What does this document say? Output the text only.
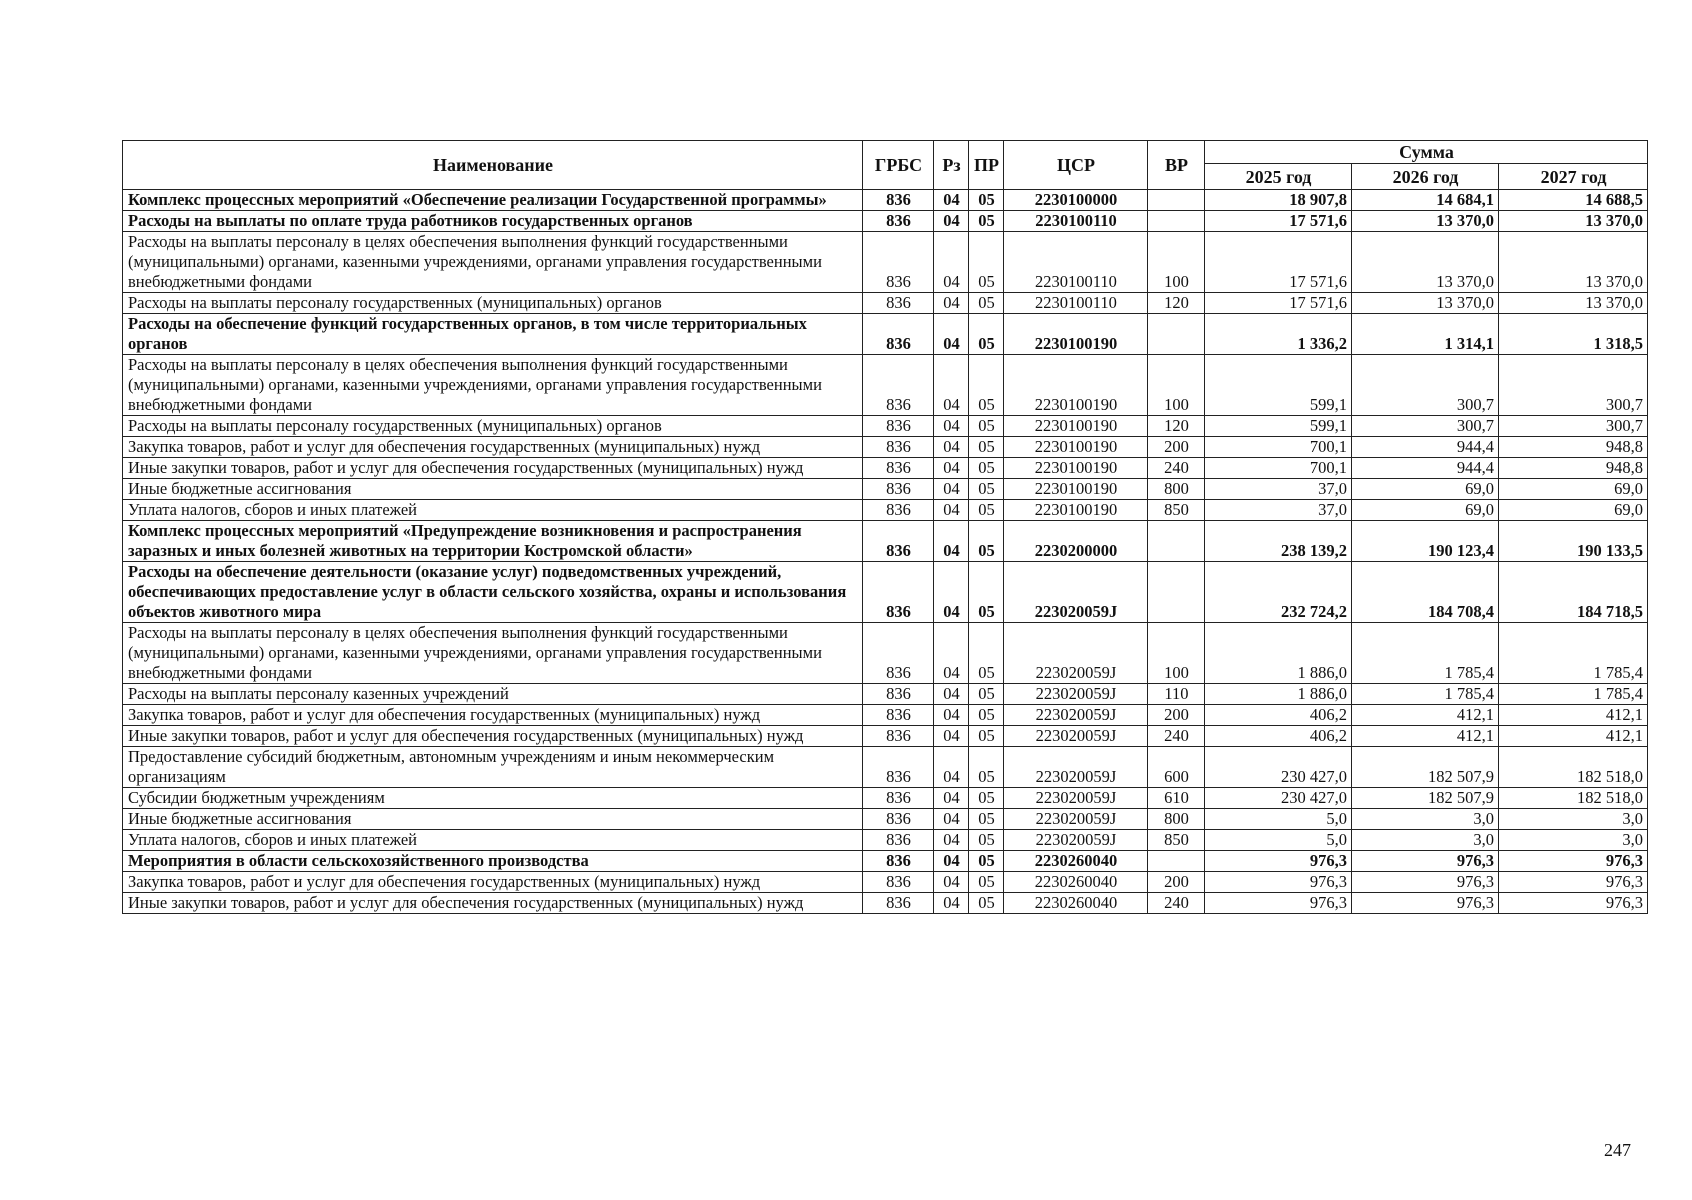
Наименование	ГРБС	Рз	ПР	ЦСР	ВР	Сумма		
						2025 год	2026 год	2027 год
Комплекс процессных мероприятий «Обеспечение реализации Государственной программы»	836	04	05	2230100000		18 907,8	14 684,1	14 688,5
Расходы на выплаты по оплате труда работников государственных органов	836	04	05	2230100110		17 571,6	13 370,0	13 370,0
Расходы на выплаты персоналу в целях обеспечения выполнения функций государственными (муниципальными) органами, казенными учреждениями, органами управления государственными внебюджетными фондами	836	04	05	2230100110	100	17 571,6	13 370,0	13 370,0
Расходы на выплаты персоналу государственных (муниципальных) органов	836	04	05	2230100110	120	17 571,6	13 370,0	13 370,0
Расходы на обеспечение функций государственных органов, в том числе территориальных органов	836	04	05	2230100190		1 336,2	1 314,1	1 318,5
Расходы на выплаты персоналу в целях обеспечения выполнения функций государственными (муниципальными) органами, казенными учреждениями, органами управления государственными внебюджетными фондами	836	04	05	2230100190	100	599,1	300,7	300,7
Расходы на выплаты персоналу государственных (муниципальных) органов	836	04	05	2230100190	120	599,1	300,7	300,7
Закупка товаров, работ и услуг для обеспечения государственных (муниципальных) нужд	836	04	05	2230100190	200	700,1	944,4	948,8
Иные закупки товаров, работ и услуг для обеспечения государственных (муниципальных) нужд	836	04	05	2230100190	240	700,1	944,4	948,8
Иные бюджетные ассигнования	836	04	05	2230100190	800	37,0	69,0	69,0
Уплата налогов, сборов и иных платежей	836	04	05	2230100190	850	37,0	69,0	69,0
Комплекс процессных мероприятий «Предупреждение возникновения и распространения заразных и иных болезней животных на территории Костромской области»	836	04	05	2230200000		238 139,2	190 123,4	190 133,5
Расходы на обеспечение деятельности (оказание услуг) подведомственных учреждений, обеспечивающих предоставление услуг в области сельского хозяйства, охраны и использования объектов животного мира	836	04	05	223020059J		232 724,2	184 708,4	184 718,5
Расходы на выплаты персоналу в целях обеспечения выполнения функций государственными (муниципальными) органами, казенными учреждениями, органами управления государственными внебюджетными фондами	836	04	05	223020059J	100	1 886,0	1 785,4	1 785,4
Расходы на выплаты персоналу казенных учреждений	836	04	05	223020059J	110	1 886,0	1 785,4	1 785,4
Закупка товаров, работ и услуг для обеспечения государственных (муниципальных) нужд	836	04	05	223020059J	200	406,2	412,1	412,1
Иные закупки товаров, работ и услуг для обеспечения государственных (муниципальных) нужд	836	04	05	223020059J	240	406,2	412,1	412,1
Предоставление субсидий бюджетным, автономным учреждениям и иным некоммерческим организациям	836	04	05	223020059J	600	230 427,0	182 507,9	182 518,0
Субсидии бюджетным учреждениям	836	04	05	223020059J	610	230 427,0	182 507,9	182 518,0
Иные бюджетные ассигнования	836	04	05	223020059J	800	5,0	3,0	3,0
Уплата налогов, сборов и иных платежей	836	04	05	223020059J	850	5,0	3,0	3,0
Мероприятия в области сельскохозяйственного производства	836	04	05	2230260040		976,3	976,3	976,3
Закупка товаров, работ и услуг для обеспечения государственных (муниципальных) нужд	836	04	05	2230260040	200	976,3	976,3	976,3
Иные закупки товаров, работ и услуг для обеспечения государственных (муниципальных) нужд	836	04	05	2230260040	240	976,3	976,3	976,3
247
